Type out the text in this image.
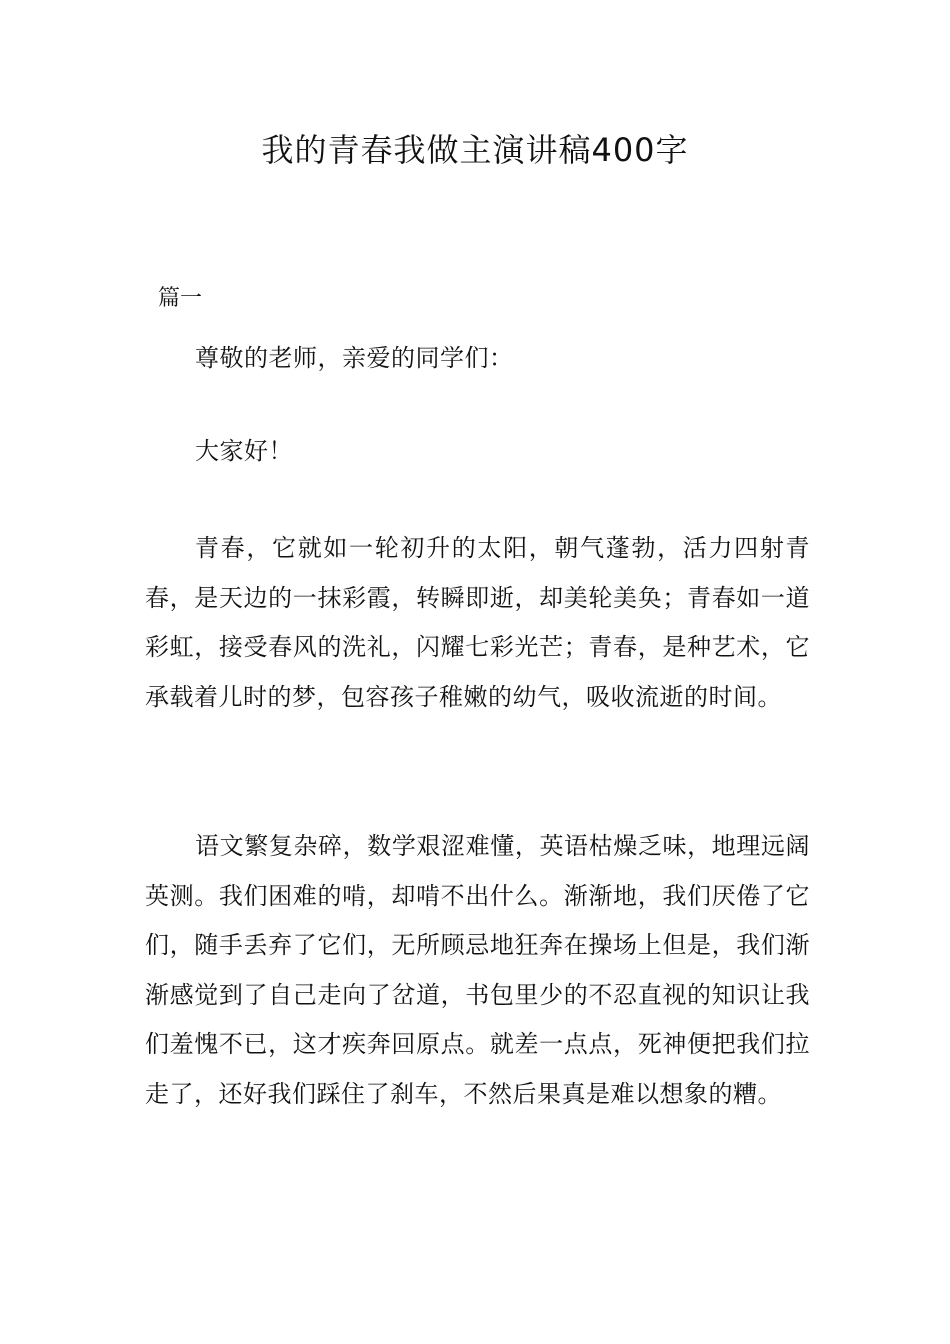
我的青春我做主演讲稿400字
篇一
尊敬的老师，亲爱的同学们：
大家好！
青春，它就如一轮初升的太阳，朝气蓬勃，活力四射青春，是天边的一抹彩霞，转瞬即逝，却美轮美奂；青春如一道彩虹，接受春风的洗礼，闪耀七彩光芒；青春，是种艺术，它承载着儿时的梦，包容孩子稚嫩的幼气，吸收流逝的时间。
语文繁复杂碎，数学艰涩难懂，英语枯燥乏味，地理远阔英测。我们困难的啃，却啃不出什么。渐渐地，我们厌倦了它们，随手丢弃了它们，无所顾忌地狂奔在操场上但是，我们渐渐感觉到了自己走向了岔道，书包里少的不忍直视的知识让我们羞愧不已，这才疾奔回原点。就差一点点，死神便把我们拉走了，还好我们踩住了刹车，不然后果真是难以想象的糟。
